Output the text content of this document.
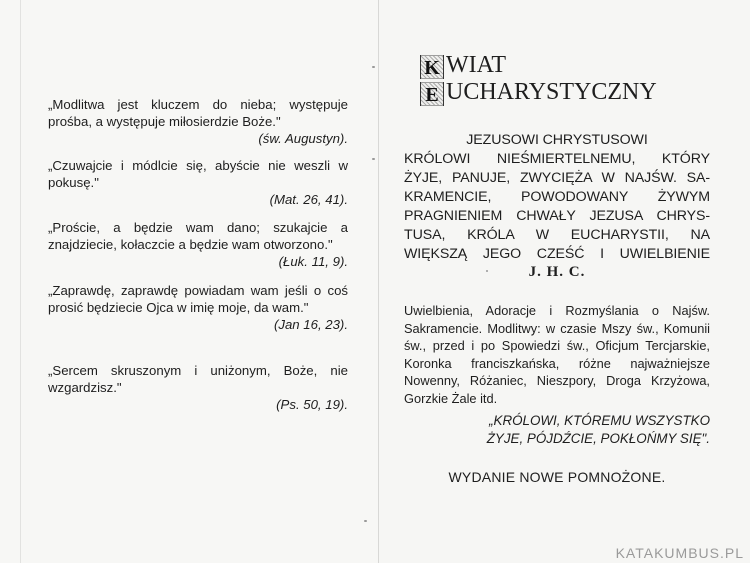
„Modlitwa jest kluczem do nieba; występuje prośba, a występuje miłosierdzie Boże."
(św. Augustyn).
„Czuwajcie i módlcie się, abyście nie weszli w pokusę."
(Mat. 26, 41).
„Proście, a będzie wam dano; szukajcie a znajdziecie, kołaczcie a będzie wam otworzono."
(Łuk. 11, 9).
„Zaprawdę, zaprawdę powiadam wam jeśli o coś prosić będziecie Ojca w imię moje, da wam."
(Jan 16, 23).
„Sercem skruszonym i uniżonym, Boże, nie wzgardzisz."
(Ps. 50, 19).
K WIAT
E UCHARYSTYCZNY
JEZUSOWI CHRYSTUSOWI
KRÓLOWI NIEŚMIERTELNEMU, KTÓRY
ŻYJE, PANUJE, ZWYCIĘŻA W NAJŚW. SA-
KRAMENCIE, POWODOWANY ŻYWYM
PRAGNIENIEM CHWAŁY JEZUSA CHRYS-
TUSA, KRÓLA W EUCHARYSTII, NA
WIĘKSZĄ JEGO CZEŚĆ I UWIELBIENIE
J. H. C.
Uwielbienia, Adoracje i Rozmyślania o Najśw. Sakramencie. Modlitwy: w czasie Mszy św., Komunii św., przed i po Spowiedzi św., Oficjum Tercjarskie, Koronka franciszkańska, różne najważniejsze Nowenny, Różaniec, Nieszpory, Droga Krzyżowa, Gorzkie Żale itd.
„KRÓLOWI, KTÓREMU WSZYSTKO
ŻYJE, PÓJDŹCIE, POKŁOŃMY SIĘ".
WYDANIE NOWE POMNOŻONE.
KATAKUMBUS.PL
